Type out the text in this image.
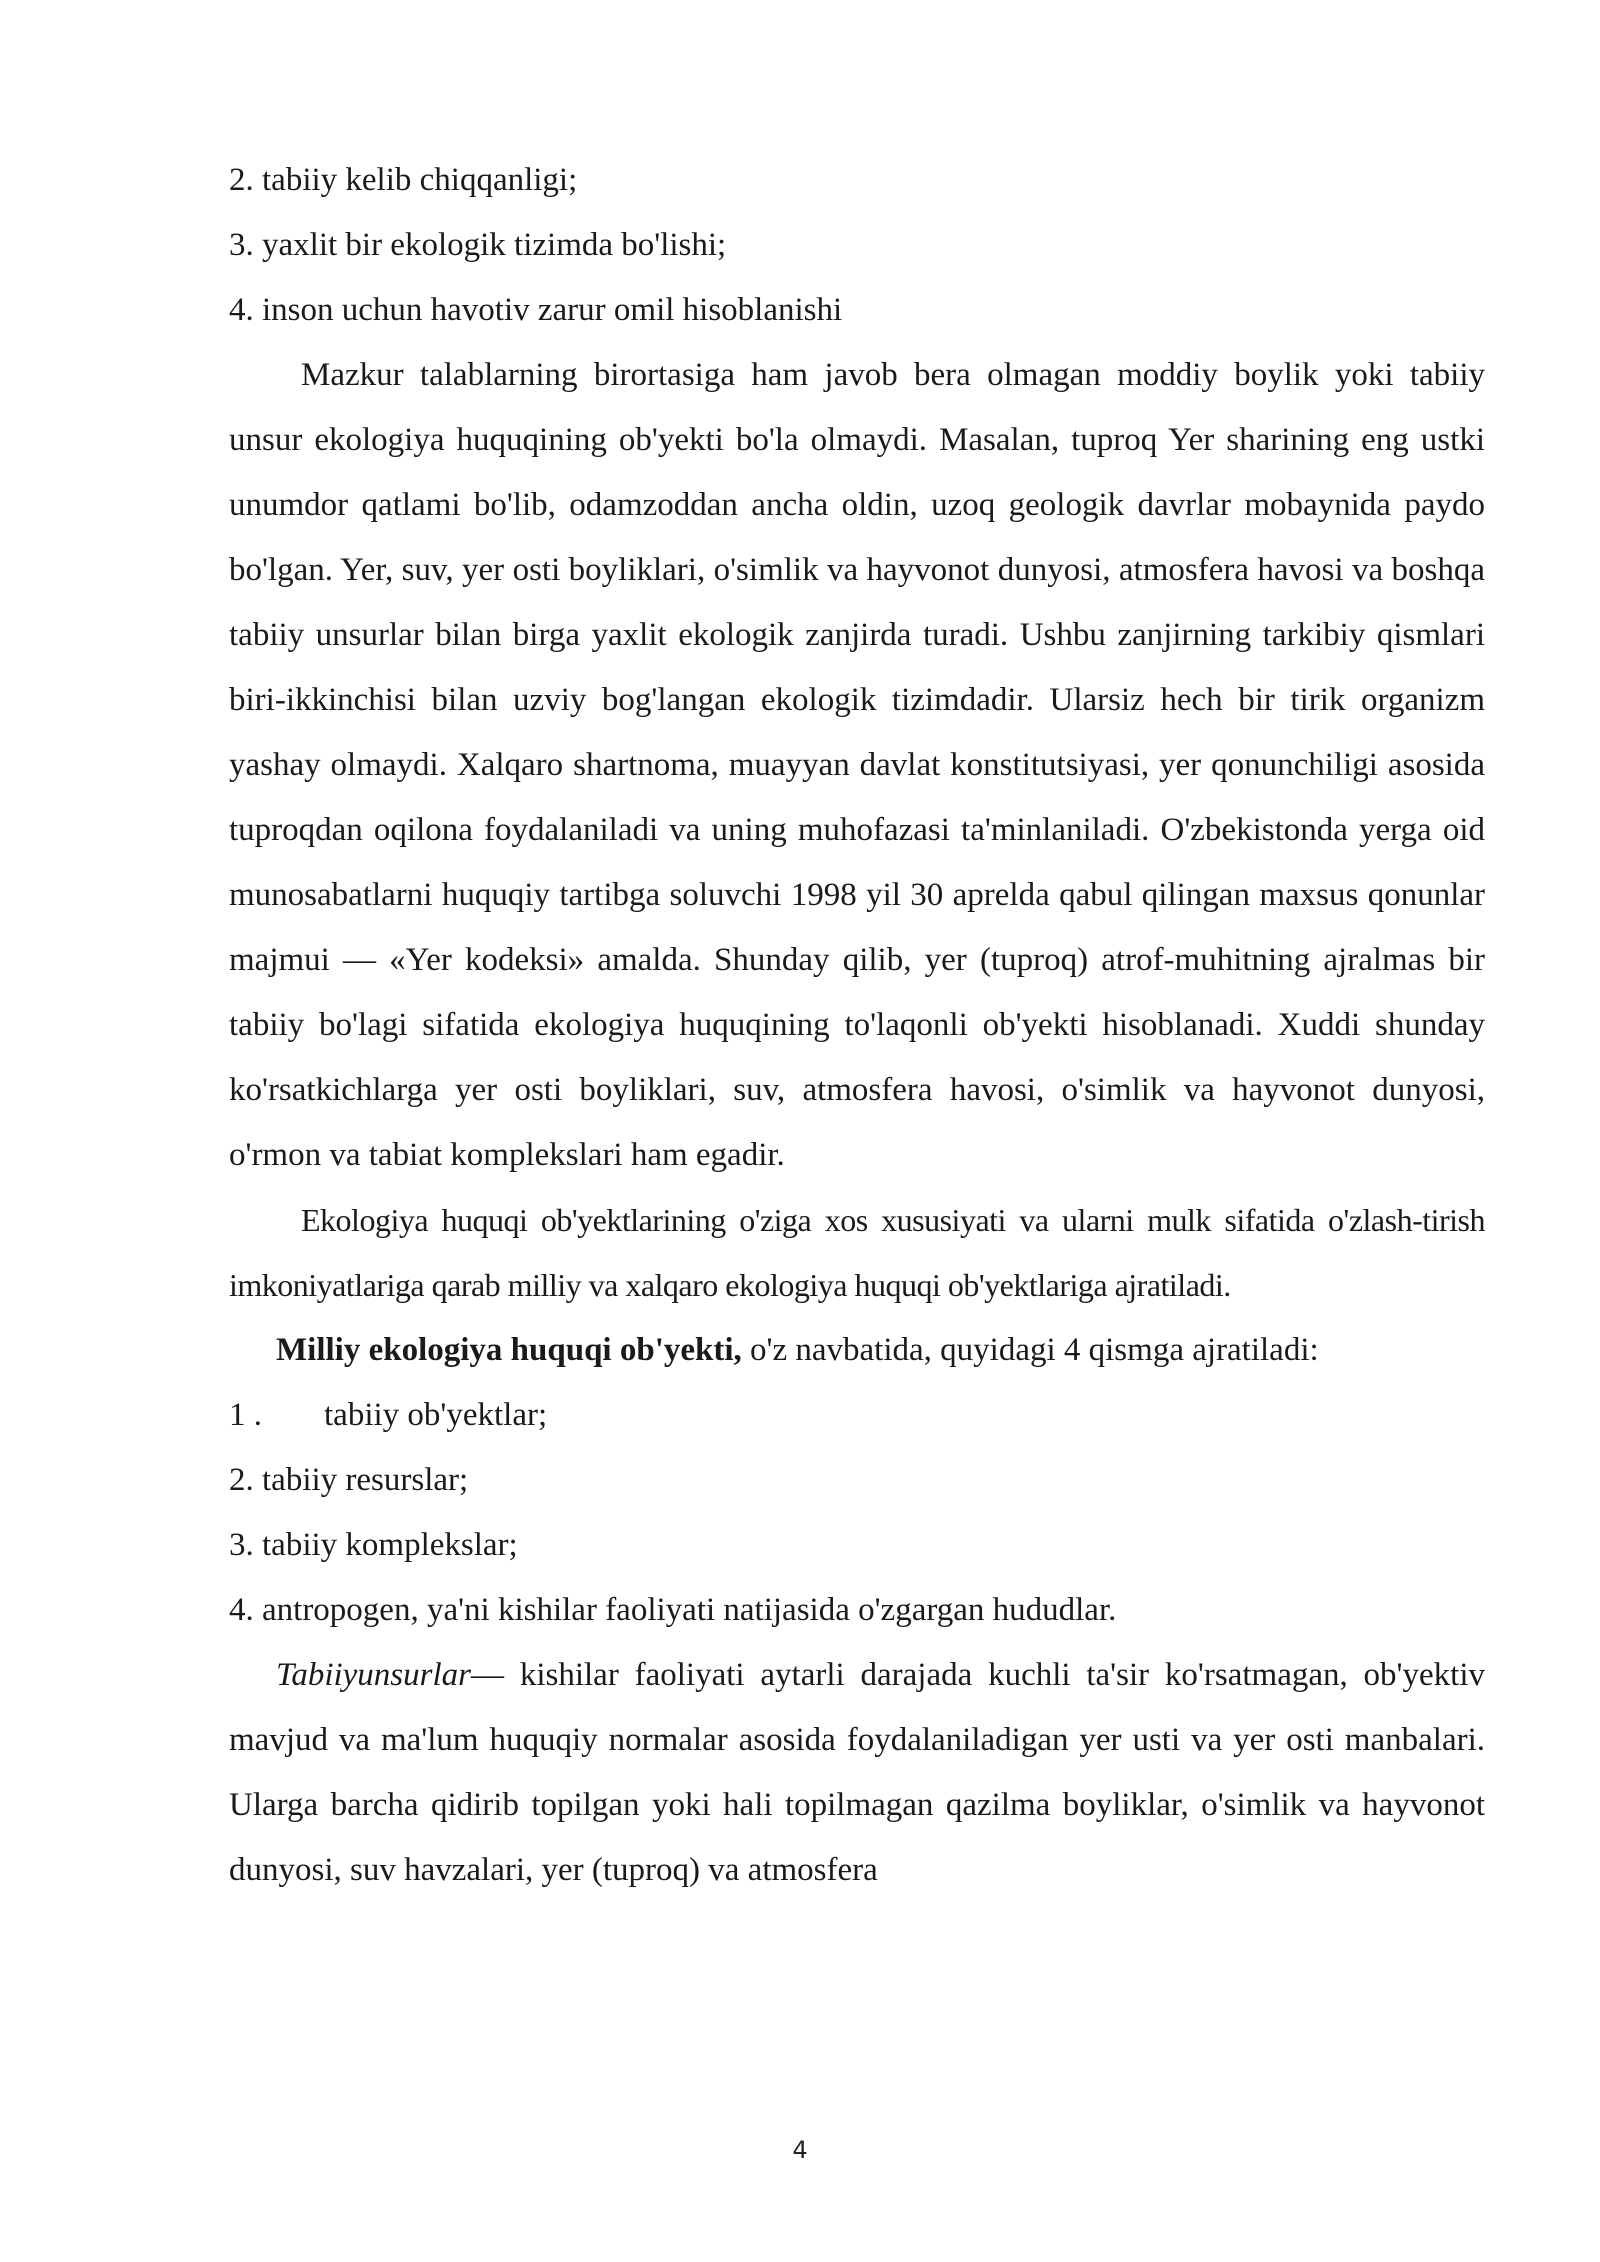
2. tabiiy kelib chiqqanligi;
3. yaxlit bir ekologik tizimda bo'lishi;
4. inson uchun havotiv zarur omil hisoblanishi

Mazkur talablarning birortasiga ham javob bera olmagan moddiy boylik yoki tabiiy unsur ekologiya huquqining ob'yekti bo'la olmaydi. Masalan, tuproq Yer sharining eng ustki unumdor qatlami bo'lib, odamzoddan ancha oldin, uzoq geologik davrlar mobaynida paydo bo'lgan. Yer, suv, yer osti boyliklari, o'simlik va hayvonot dunyosi, atmosfera havosi va boshqa tabiiy unsurlar bilan birga yaxlit ekologik zanjirda turadi. Ushbu zanjirning tarkibiy qismlari biri-ikkinchisi bilan uzviy bog'langan ekologik tizimdadir. Ularsiz hech bir tirik organizm yashay olmaydi. Xalqaro shartnoma, muayyan davlat konstitutsiyasi, yer qonunchiligi asosida tuproqdan oqilona foydalaniladi va uning muhofazasi ta'minlaniladi. O'zbekistonda yerga oid munosabatlarni huquqiy tartibga soluvchi 1998 yil 30 aprelda qabul qilingan maxsus qonunlar majmui — «Yer kodeksi» amalda. Shunday qilib, yer (tuproq) atrof-muhitning ajralmas bir tabiiy bo'lagi sifatida ekologiya huquqining to'laqonli ob'yekti hisoblanadi. Xuddi shunday ko'rsatkichlarga yer osti boyliklari, suv, atmosfera havosi, o'simlik va hayvonot dunyosi, o'rmon va tabiat komplekslari ham egadir.

Ekologiya huquqi ob'yektlarining o'ziga xos xususiyati va ularni mulk sifatida o'zlash-tirish imkoniyatlariga qarab milliy va xalqaro ekologiya huquqi ob'yektlariga ajratiladi.

Milliy ekologiya huquqi ob'yekti, o'z navbatida, quyidagi 4 qismga ajratiladi:

1 . tabiiy ob'yektlar;
2. tabiiy resurslar;
3. tabiiy komplekslar;
4. antropogen, ya'ni kishilar faoliyati natijasida o'zgargan hududlar.

Tabiiyunsurlar— kishilar faoliyati aytarli darajada kuchli ta'sir ko'rsatmagan, ob'yektiv mavjud va ma'lum huquqiy normalar asosida foydalaniladigan yer usti va yer osti manbalari. Ularga barcha qidirib topilgan yoki hali topilmagan qazilma boyliklar, o'simlik va hayvonot dunyosi, suv havzalari, yer (tuproq) va atmosfera

4
